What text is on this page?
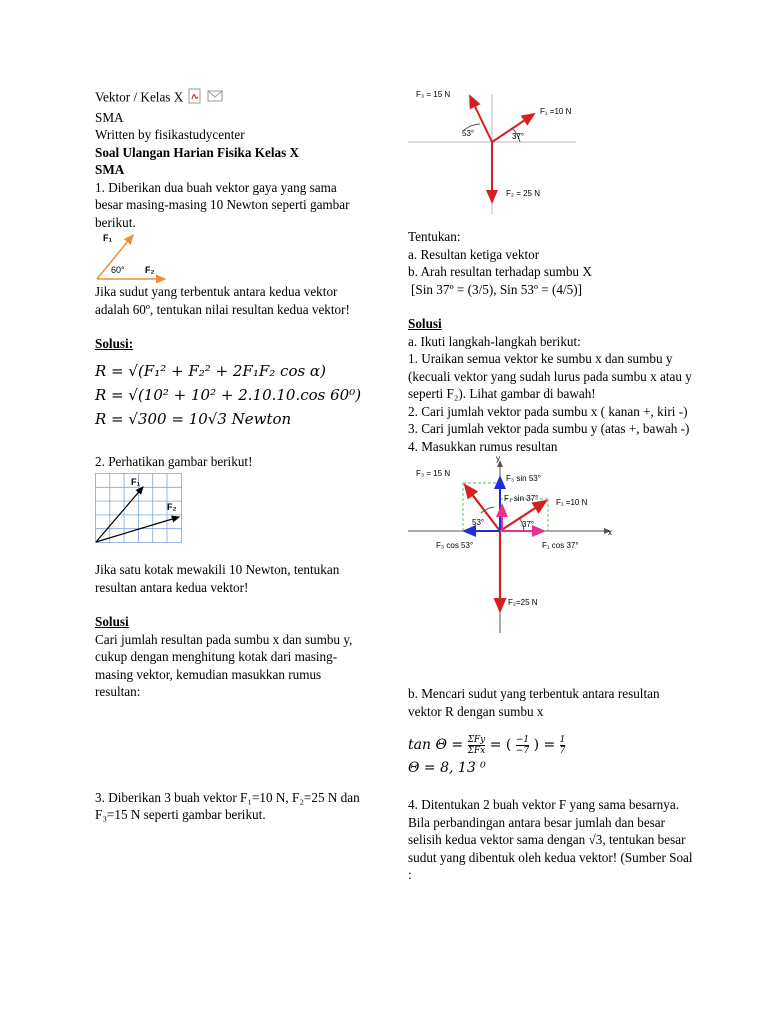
Vektor / Kelas X

SMA

Written by fisikastudycenter

Soal Ulangan Harian Fisika Kelas X

SMA

1. Diberikan dua buah vektor gaya yang sama besar masing-masing 10 Newton seperti gambar berikut.

F₁
F₂
60°

Jika sudut yang terbentuk antara kedua vektor adalah 60º, tentukan nilai resultan kedua vektor!

Solusi:

R = √(F₁² + F₂² + 2F₁F₂ cos α)
R = √(10² + 10² + 2.10.10.cos 60⁰)
R = √300 = 10√3 Newton

2. Perhatikan gambar berikut!

F₁
F₂

Jika satu kotak mewakili 10 Newton, tentukan resultan antara kedua vektor!

Solusi

Cari jumlah resultan pada sumbu x dan sumbu y, cukup dengan menghitung kotak dari masing-masing vektor, kemudian masukkan rumus resultan:

3. Diberikan 3 buah vektor F₁=10 N, F₂=25 N dan F₃=15 N seperti gambar berikut.

F₃ = 15 N
F₁ =10 N
F₂ = 25 N
53°	37°

Tentukan:

a. Resultan ketiga vektor

b. Arah resultan terhadap sumbu X

[Sin 37º = (3/5), Sin 53º = (4/5)]

Solusi

a. Ikuti langkah-langkah berikut:

1. Uraikan semua vektor ke sumbu x dan sumbu y (kecuali vektor yang sudah lurus pada sumbu x atau y seperti F₂). Lihat gambar di bawah!

2. Cari jumlah vektor pada sumbu x ( kanan +, kiri -)

3. Cari jumlah vektor pada sumbu y (atas +, bawah -)

4. Masukkan rumus resultan

y
x
F₃ = 15 N
F₃ sin 53°
F₁ sin 37° F₁ =10 N
53°	37°
F₃ cos 53°	F₁ cos 37°
F₂=25 N

b. Mencari sudut yang terbentuk antara resultan vektor R dengan sumbu x

$\tan \Theta = \frac{\text{ΣFy}}{\text{ΣFx}}$ = ( $\frac{-1}{-7}$ ) = $\frac{1}{7}$
Θ = 8, 13 ⁰

4. Ditentukan 2 buah vektor F yang sama besarnya. Bila perbandingan antara besar jumlah dan besar selisih kedua vektor sama dengan √3, tentukan besar sudut yang dibentuk oleh kedua vektor! (Sumber Soal :
